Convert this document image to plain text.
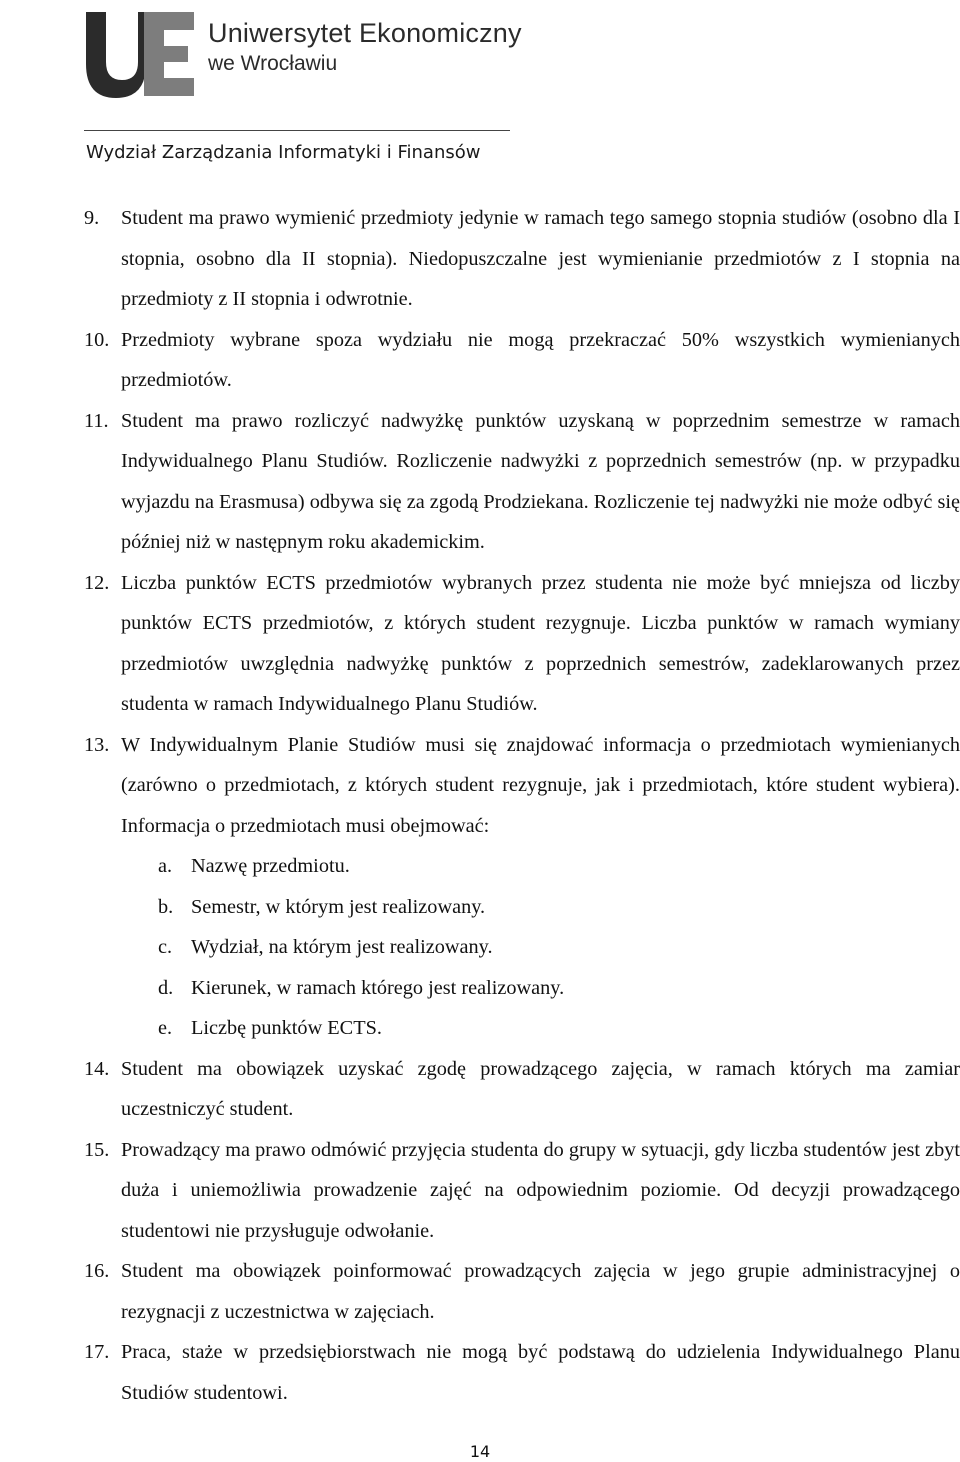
Uniwersytet Ekonomiczny
we Wrocławiu
Wydział Zarządzania Informatyki i Finansów
9. Student ma prawo wymienić przedmioty jedynie w ramach tego samego stopnia studiów (osobno dla I stopnia, osobno dla II stopnia). Niedopuszczalne jest wymienianie przedmiotów z I stopnia na przedmioty z II stopnia i odwrotnie.
10. Przedmioty wybrane spoza wydziału nie mogą przekraczać 50% wszystkich wymienianych przedmiotów.
11. Student ma prawo rozliczyć nadwyżkę punktów uzyskaną w poprzednim semestrze w ramach Indywidualnego Planu Studiów. Rozliczenie nadwyżki z poprzednich semestrów (np. w przypadku wyjazdu na Erasmusa) odbywa się za zgodą Prodziekana. Rozliczenie tej nadwyżki nie może odbyć się później niż w następnym roku akademickim.
12. Liczba punktów ECTS przedmiotów wybranych przez studenta nie może być mniejsza od liczby punktów ECTS przedmiotów, z których student rezygnuje. Liczba punktów w ramach wymiany przedmiotów uwzględnia nadwyżkę punktów z poprzednich semestrów, zadeklarowanych przez studenta w ramach Indywidualnego Planu Studiów.
13. W Indywidualnym Planie Studiów musi się znajdować informacja o przedmiotach wymienianych (zarówno o przedmiotach, z których student rezygnuje, jak i przedmiotach, które student wybiera). Informacja o przedmiotach musi obejmować:
a. Nazwę przedmiotu.
b. Semestr, w którym jest realizowany.
c. Wydział, na którym jest realizowany.
d. Kierunek, w ramach którego jest realizowany.
e. Liczbę punktów ECTS.
14. Student ma obowiązek uzyskać zgodę prowadzącego zajęcia, w ramach których ma zamiar uczestniczyć student.
15. Prowadzący ma prawo odmówić przyjęcia studenta do grupy w sytuacji, gdy liczba studentów jest zbyt duża i uniemożliwia prowadzenie zajęć na odpowiednim poziomie. Od decyzji prowadzącego studentowi nie przysługuje odwołanie.
16. Student ma obowiązek poinformować prowadzących zajęcia w jego grupie administracyjnej o rezygnacji z uczestnictwa w zajęciach.
17. Praca, staże w przedsiębiorstwach nie mogą być podstawą do udzielenia Indywidualnego Planu Studiów studentowi.
14
